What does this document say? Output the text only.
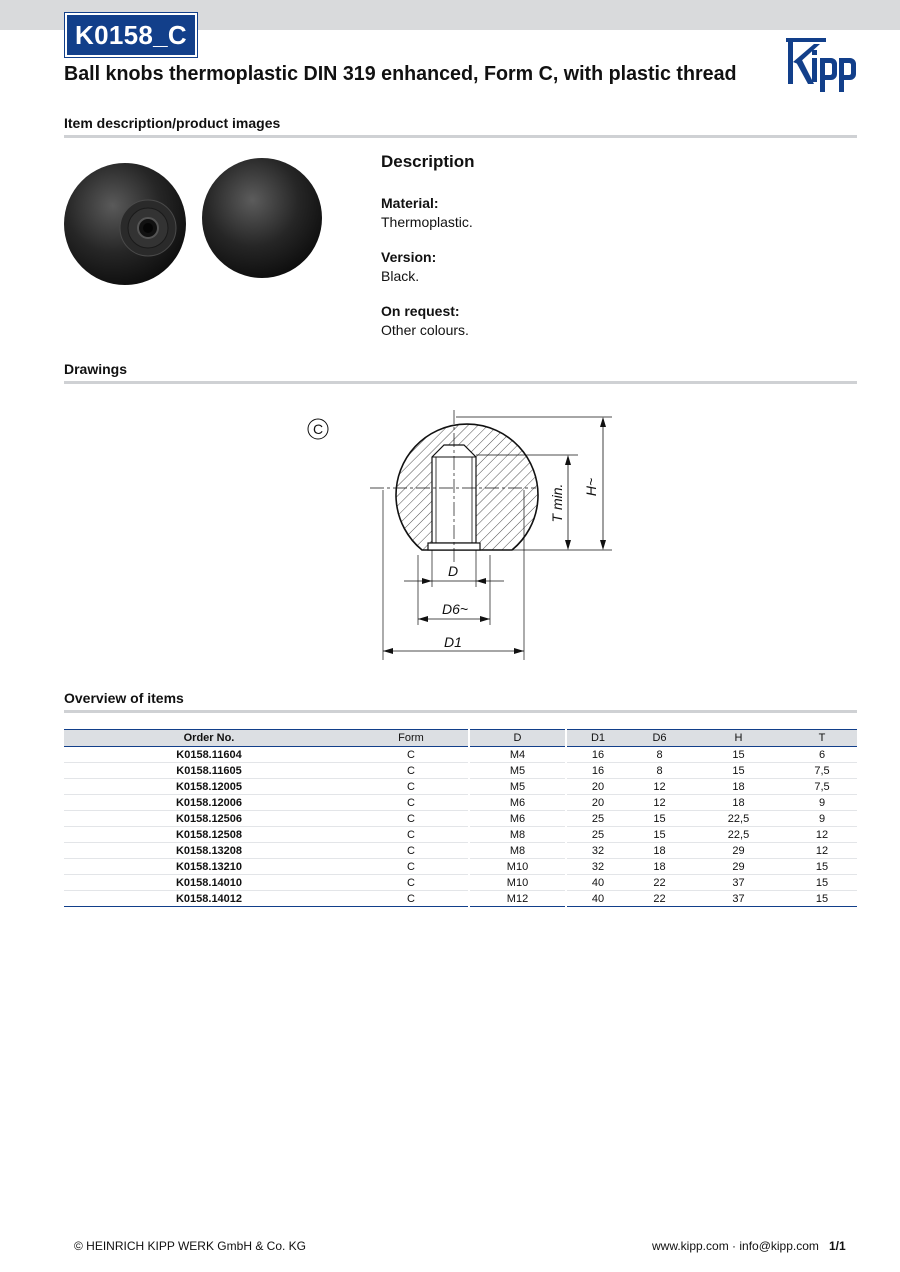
K0158_C
Ball knobs thermoplastic DIN 319 enhanced, Form C, with plastic thread
Item description/product images
Description
Material:
Thermoplastic.
Version:
Black.
On request:
Other colours.
Drawings
C
T min. H~
D
D6~
D1
Overview of items
Order No.	Form	D	D1	D6	H	T
K0158.11604	C	M4	16	8	15	6
K0158.11605	C	M5	16	8	15	7,5
K0158.12005	C	M5	20	12	18	7,5
K0158.12006	C	M6	20	12	18	9
K0158.12506	C	M6	25	15	22,5	9
K0158.12508	C	M8	25	15	22,5	12
K0158.13208	C	M8	32	18	29	12
K0158.13210	C	M10	32	18	29	15
K0158.14010	C	M10	40	22	37	15
K0158.14012	C	M12	40	22	37	15
© HEINRICH KIPP WERK GmbH & Co. KG	www.kipp.com · info@kipp.com 1/1
